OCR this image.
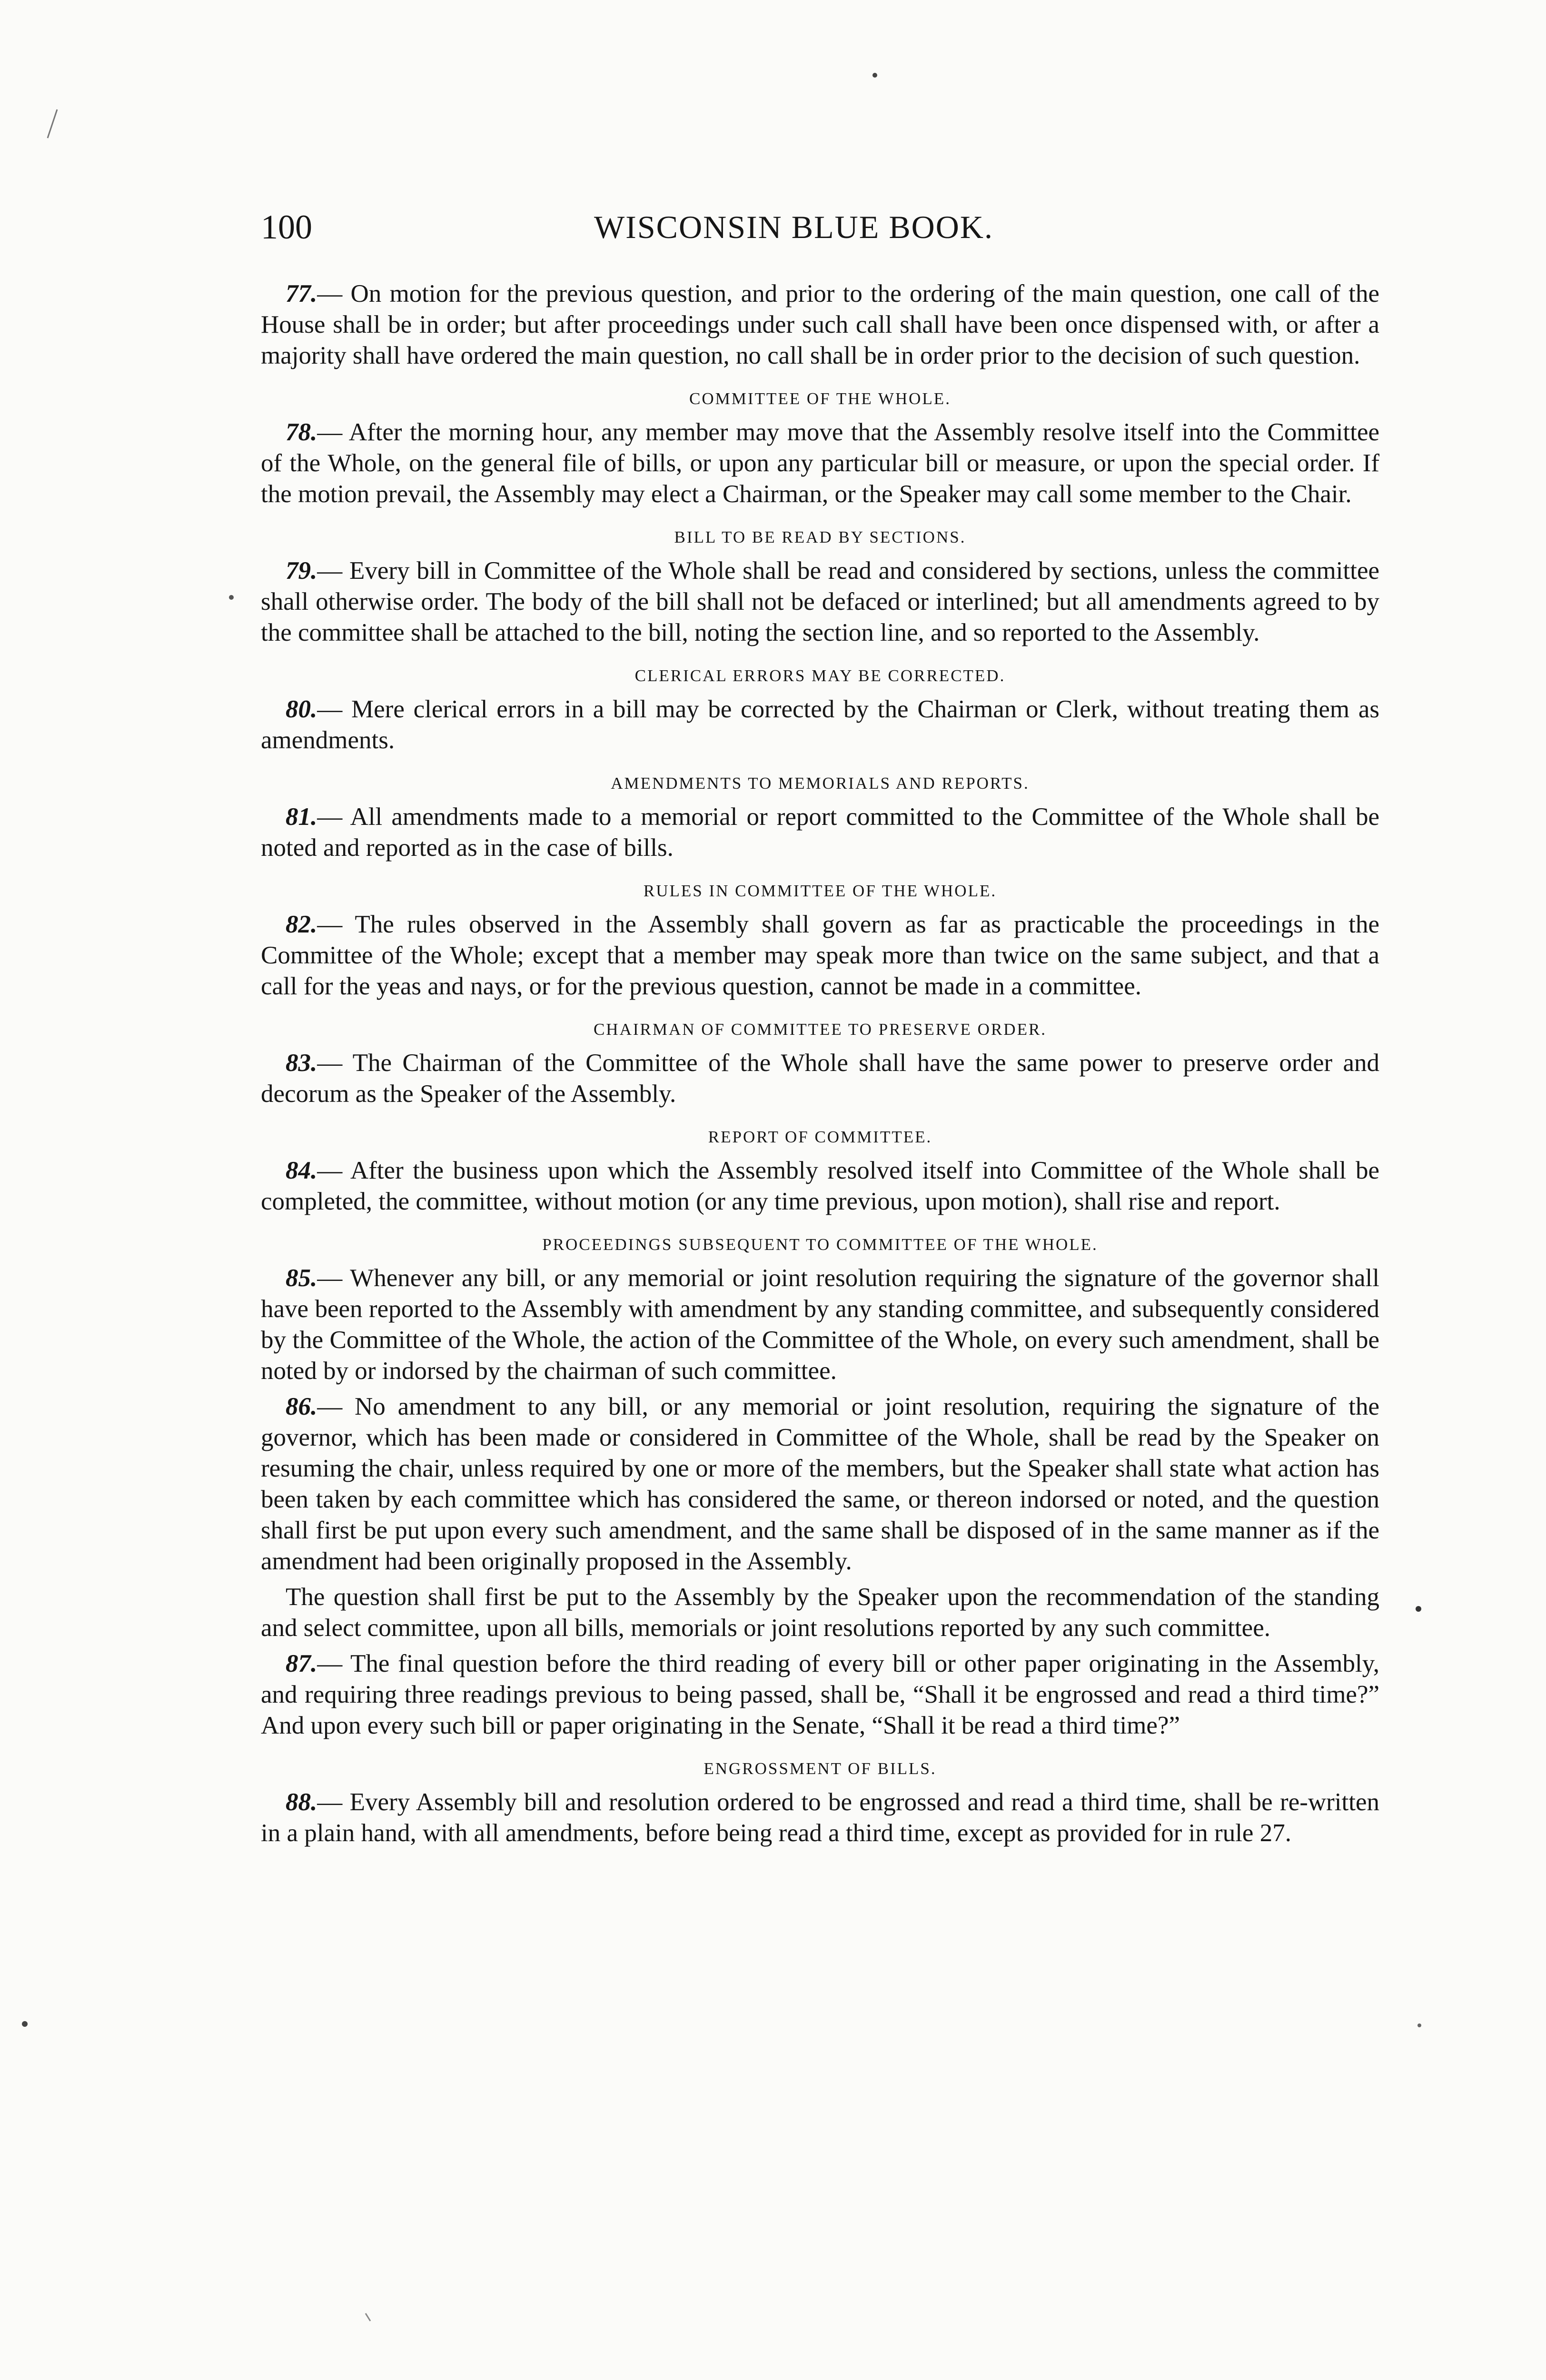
100	WISCONSIN BLUE BOOK.

77.— On motion for the previous question, and prior to the ordering of the main question, one call of the House shall be in order; but after proceedings under such call shall have been once dispensed with, or after a majority shall have ordered the main question, no call shall be in order prior to the decision of such question.

COMMITTEE OF THE WHOLE.

78.— After the morning hour, any member may move that the Assembly resolve itself into the Committee of the Whole, on the general file of bills, or upon any particular bill or measure, or upon the special order. If the motion prevail, the Assembly may elect a Chairman, or the Speaker may call some member to the Chair.

BILL TO BE READ BY SECTIONS.

79.— Every bill in Committee of the Whole shall be read and considered by sections, unless the committee shall otherwise order. The body of the bill shall not be defaced or interlined; but all amendments agreed to by the committee shall be attached to the bill, noting the section line, and so reported to the Assembly.

CLERICAL ERRORS MAY BE CORRECTED.

80.— Mere clerical errors in a bill may be corrected by the Chairman or Clerk, without treating them as amendments.

AMENDMENTS TO MEMORIALS AND REPORTS.

81.— All amendments made to a memorial or report committed to the Committee of the Whole shall be noted and reported as in the case of bills.

RULES IN COMMITTEE OF THE WHOLE.

82.— The rules observed in the Assembly shall govern as far as practicable the proceedings in the Committee of the Whole; except that a member may speak more than twice on the same subject, and that a call for the yeas and nays, or for the previous question, cannot be made in a committee.

CHAIRMAN OF COMMITTEE TO PRESERVE ORDER.

83.— The Chairman of the Committee of the Whole shall have the same power to preserve order and decorum as the Speaker of the Assembly.

REPORT OF COMMITTEE.

84.— After the business upon which the Assembly resolved itself into Committee of the Whole shall be completed, the committee, without motion (or any time previous, upon motion), shall rise and report.

PROCEEDINGS SUBSEQUENT TO COMMITTEE OF THE WHOLE.

85.— Whenever any bill, or any memorial or joint resolution requiring the signature of the governor shall have been reported to the Assembly with amendment by any standing committee, and subsequently considered by the Committee of the Whole, the action of the Committee of the Whole, on every such amendment, shall be noted by or indorsed by the chairman of such committee.

86.— No amendment to any bill, or any memorial or joint resolution, requiring the signature of the governor, which has been made or considered in Committee of the Whole, shall be read by the Speaker on resuming the chair, unless required by one or more of the members, but the Speaker shall state what action has been taken by each committee which has considered the same, or thereon indorsed or noted, and the question shall first be put upon every such amendment, and the same shall be disposed of in the same manner as if the amendment had been originally proposed in the Assembly.

The question shall first be put to the Assembly by the Speaker upon the recommendation of the standing and select committee, upon all bills, memorials or joint resolutions reported by any such committee.

87.— The final question before the third reading of every bill or other paper originating in the Assembly, and requiring three readings previous to being passed, shall be, “Shall it be engrossed and read a third time?” And upon every such bill or paper originating in the Senate, “Shall it be read a third time?”

ENGROSSMENT OF BILLS.

88.— Every Assembly bill and resolution ordered to be engrossed and read a third time, shall be re-written in a plain hand, with all amendments, before being read a third time, except as provided for in rule 27.
